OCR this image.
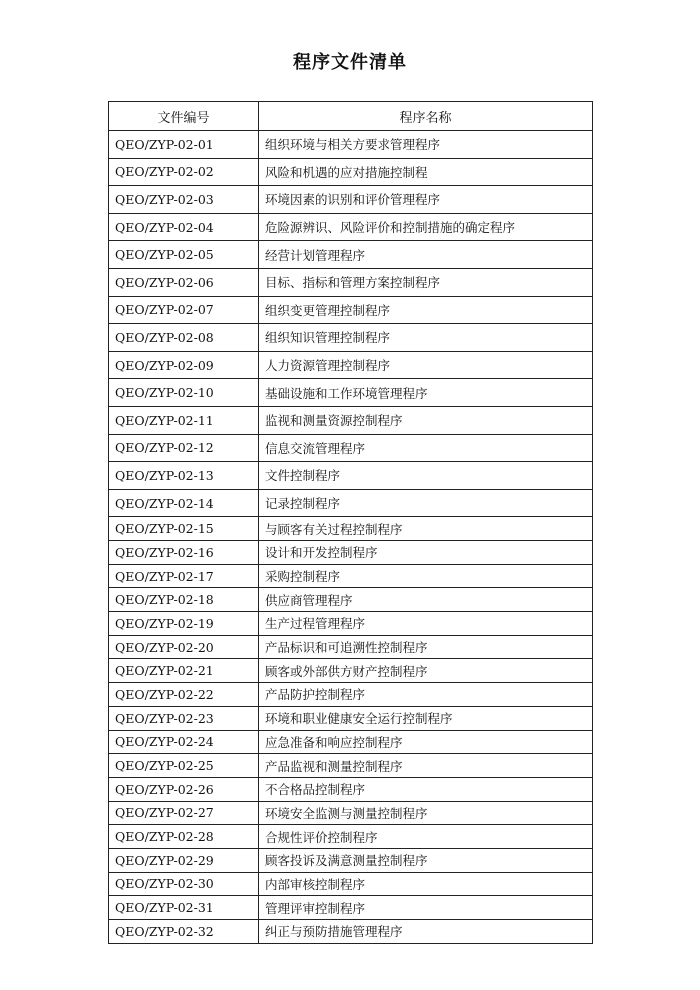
程序文件清单
文件编号	程序名称
QEO/ZYP-02-01	组织环境与相关方要求管理程序
QEO/ZYP-02-02	风险和机遇的应对措施控制程
QEO/ZYP-02-03	环境因素的识别和评价管理程序
QEO/ZYP-02-04	危险源辨识、风险评价和控制措施的确定程序
QEO/ZYP-02-05	经营计划管理程序
QEO/ZYP-02-06	目标、指标和管理方案控制程序
QEO/ZYP-02-07	组织变更管理控制程序
QEO/ZYP-02-08	组织知识管理控制程序
QEO/ZYP-02-09	人力资源管理控制程序
QEO/ZYP-02-10	基础设施和工作环境管理程序
QEO/ZYP-02-11	监视和测量资源控制程序
QEO/ZYP-02-12	信息交流管理程序
QEO/ZYP-02-13	文件控制程序
QEO/ZYP-02-14	记录控制程序
QEO/ZYP-02-15	与顾客有关过程控制程序
QEO/ZYP-02-16	设计和开发控制程序
QEO/ZYP-02-17	采购控制程序
QEO/ZYP-02-18	供应商管理程序
QEO/ZYP-02-19	生产过程管理程序
QEO/ZYP-02-20	产品标识和可追溯性控制程序
QEO/ZYP-02-21	顾客或外部供方财产控制程序
QEO/ZYP-02-22	产品防护控制程序
QEO/ZYP-02-23	环境和职业健康安全运行控制程序
QEO/ZYP-02-24	应急准备和响应控制程序
QEO/ZYP-02-25	产品监视和测量控制程序
QEO/ZYP-02-26	不合格品控制程序
QEO/ZYP-02-27	环境安全监测与测量控制程序
QEO/ZYP-02-28	合规性评价控制程序
QEO/ZYP-02-29	顾客投诉及满意测量控制程序
QEO/ZYP-02-30	内部审核控制程序
QEO/ZYP-02-31	管理评审控制程序
QEO/ZYP-02-32	纠正与预防措施管理程序
